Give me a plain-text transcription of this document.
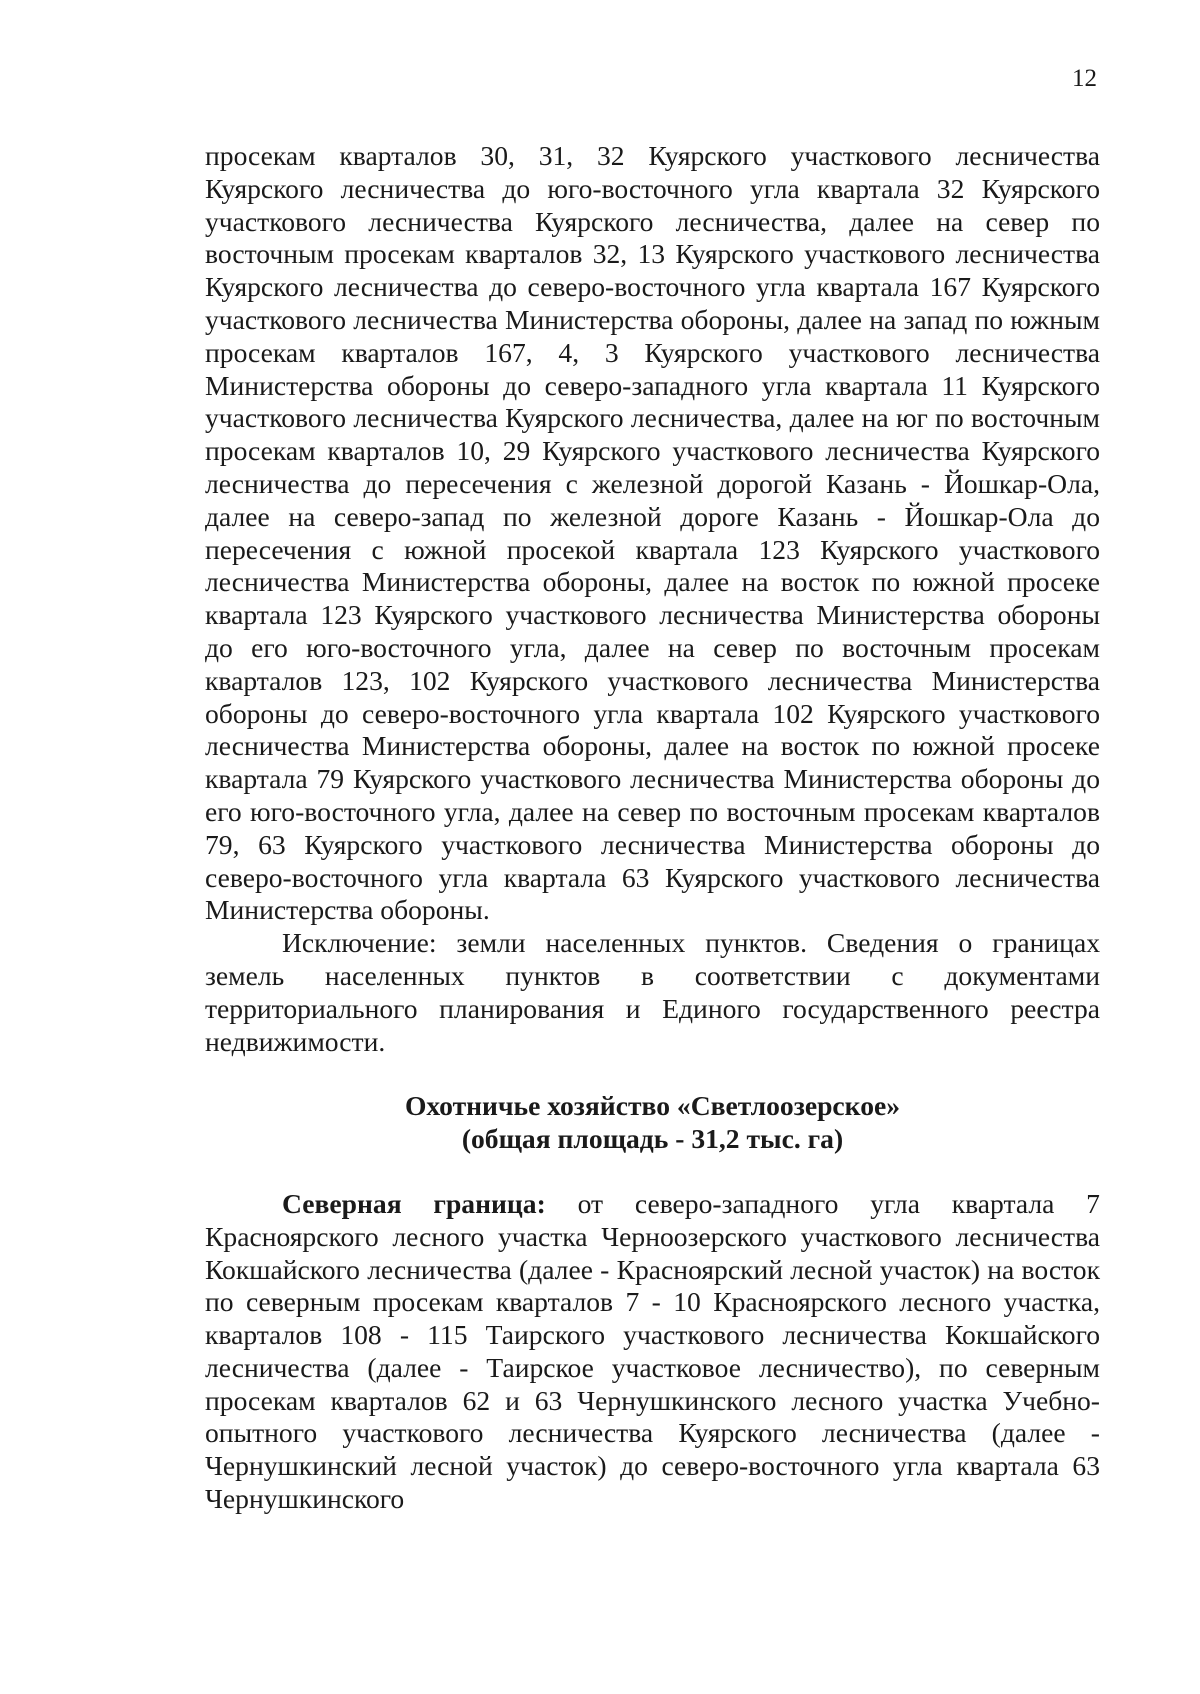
12

просекам кварталов 30, 31, 32 Куярского участкового лесничества Куярского лесничества до юго-восточного угла квартала 32 Куярского участкового лесничества Куярского лесничества, далее на север по восточным просекам кварталов 32, 13 Куярского участкового лесничества Куярского лесничества до северо-восточного угла квартала 167 Куярского участкового лесничества Министерства обороны, далее на запад по южным просекам кварталов 167, 4, 3 Куярского участкового лесничества Министерства обороны до северо-западного угла квартала 11 Куярского участкового лесничества Куярского лесничества, далее на юг по восточным просекам кварталов 10, 29 Куярского участкового лесничества Куярского лесничества до пересечения с железной дорогой Казань - Йошкар-Ола, далее на северо-запад по железной дороге Казань - Йошкар-Ола до пересечения с южной просекой квартала 123 Куярского участкового лесничества Министерства обороны, далее на восток по южной просеке квартала 123 Куярского участкового лесничества Министерства обороны до его юго-восточного угла, далее на север по восточным просекам кварталов 123, 102 Куярского участкового лесничества Министерства обороны до северо-восточного угла квартала 102 Куярского участкового лесничества Министерства обороны, далее на восток по южной просеке квартала 79 Куярского участкового лесничества Министерства обороны до его юго-восточного угла, далее на север по восточным просекам кварталов 79, 63 Куярского участкового лесничества Министерства обороны до северо-восточного угла квартала 63 Куярского участкового лесничества Министерства обороны.

Исключение: земли населенных пунктов. Сведения о границах земель населенных пунктов в соответствии с документами территориального планирования и Единого государственного реестра недвижимости.

Охотничье хозяйство «Светлоозерское»
(общая площадь - 31,2 тыс. га)

Северная граница: от северо-западного угла квартала 7 Красноярского лесного участка Черноозерского участкового лесничества Кокшайского лесничества (далее - Красноярский лесной участок) на восток по северным просекам кварталов 7 - 10 Красноярского лесного участка, кварталов 108 - 115 Таирского участкового лесничества Кокшайского лесничества (далее - Таирское участковое лесничество), по северным просекам кварталов 62 и 63 Чернушкинского лесного участка Учебно-опытного участкового лесничества Куярского лесничества (далее - Чернушкинский лесной участок) до северо-восточного угла квартала 63 Чернушкинского
